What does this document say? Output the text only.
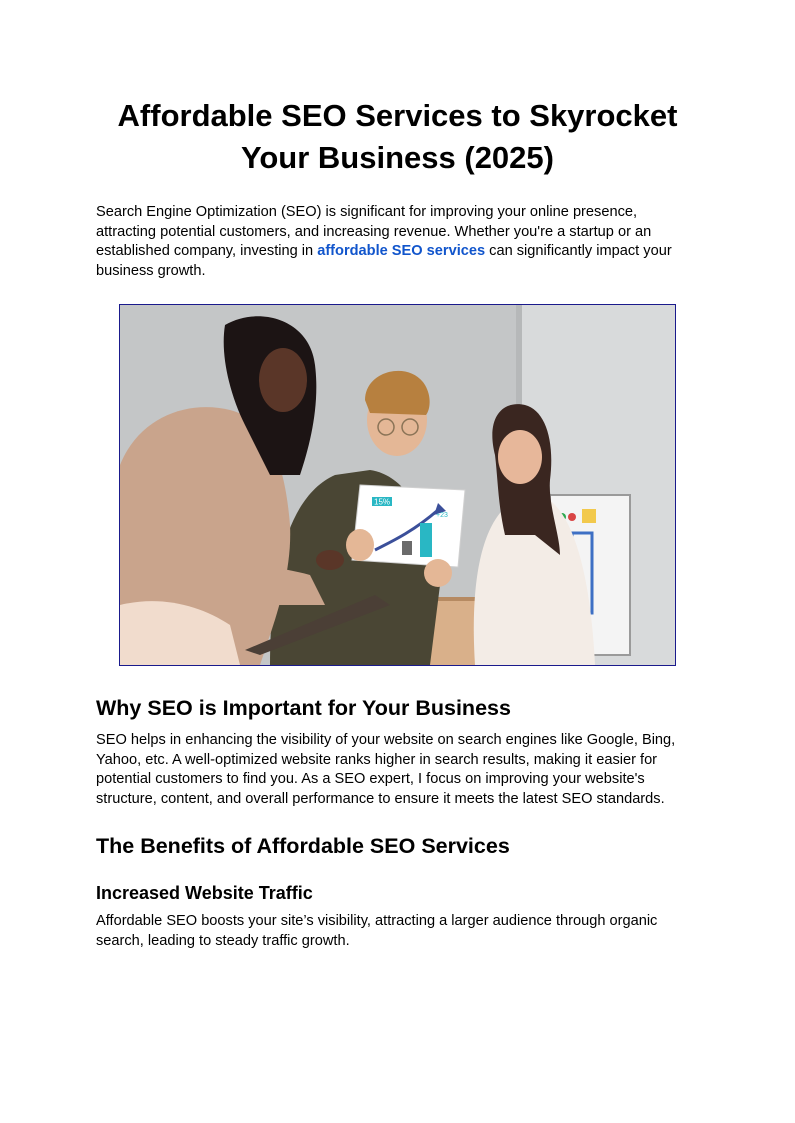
Affordable SEO Services to Skyrocket Your Business (2025)

Search Engine Optimization (SEO) is significant for improving your online presence, attracting potential customers, and increasing revenue. Whether you're a startup or an established company, investing in affordable SEO services can significantly impact your business growth.

15%
+23
Why SEO is Important for Your Business

SEO helps in enhancing the visibility of your website on search engines like Google, Bing, Yahoo, etc. A well-optimized website ranks higher in search results, making it easier for potential customers to find you. As a SEO expert, I focus on improving your website's structure, content, and overall performance to ensure it meets the latest SEO standards.

The Benefits of Affordable SEO Services
Increased Website Traffic

Affordable SEO boosts your site’s visibility, attracting a larger audience through organic search, leading to steady traffic growth.
